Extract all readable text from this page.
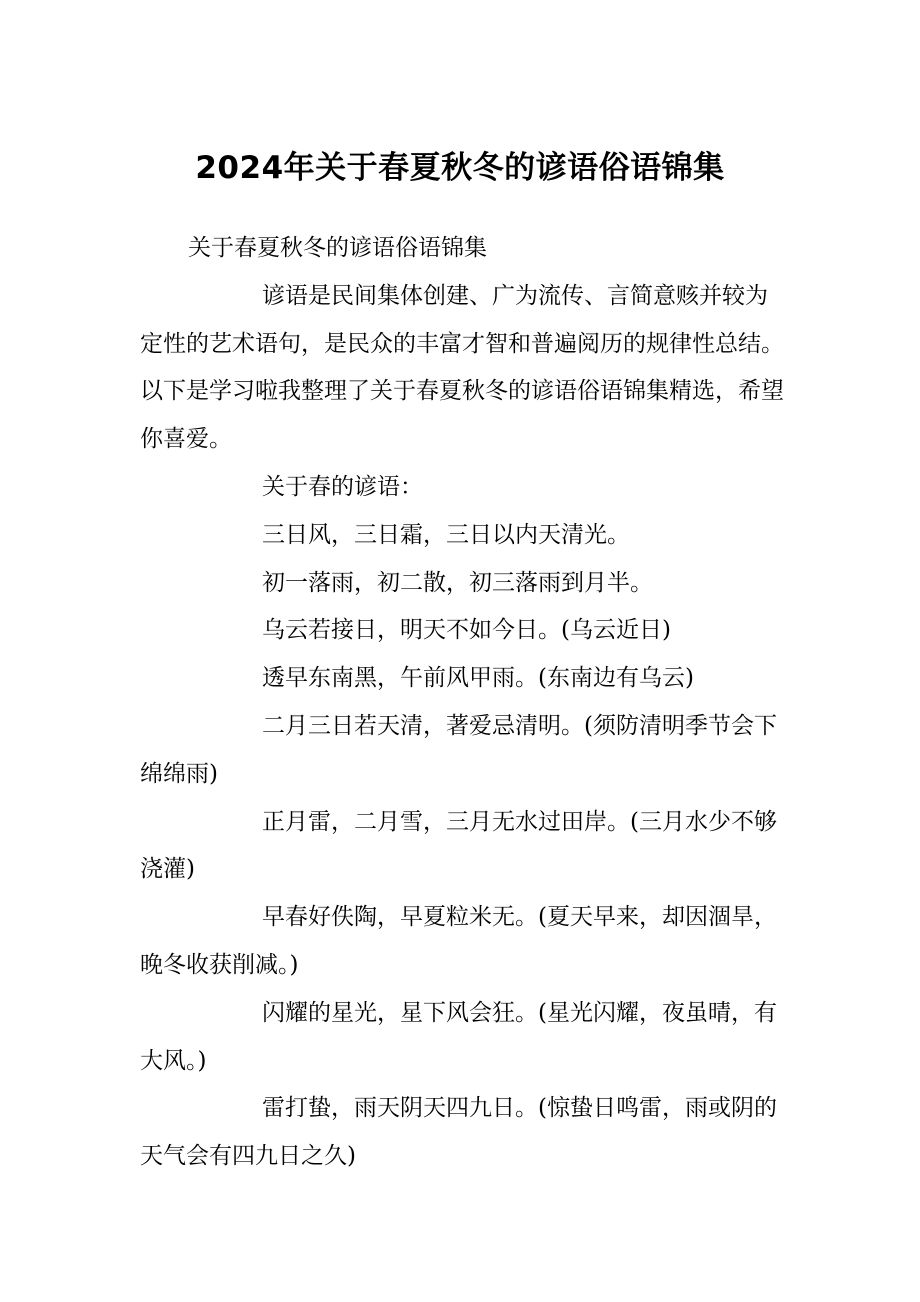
2024年关于春夏秋冬的谚语俗语锦集

关于春夏秋冬的谚语俗语锦集

谚语是民间集体创建、广为流传、言简意赅并较为定性的艺术语句，是民众的丰富才智和普遍阅历的规律性总结。以下是学习啦我整理了关于春夏秋冬的谚语俗语锦集精选，希望你喜爱。

关于春的谚语：

三日风，三日霜，三日以内天清光。

初一落雨，初二散，初三落雨到月半。

乌云若接日，明天不如今日。(乌云近日)

透早东南黑，午前风甲雨。(东南边有乌云)

二月三日若天清，著爱忌清明。(须防清明季节会下绵绵雨)

正月雷，二月雪，三月无水过田岸。(三月水少不够浇灌)

早春好佚陶，早夏粒米无。(夏天早来，却因涸旱，晚冬收获削减。)

闪耀的星光，星下风会狂。(星光闪耀，夜虽晴，有大风。)

雷打蛰，雨天阴天四九日。(惊蛰日鸣雷，雨或阴的天气会有四九日之久)
